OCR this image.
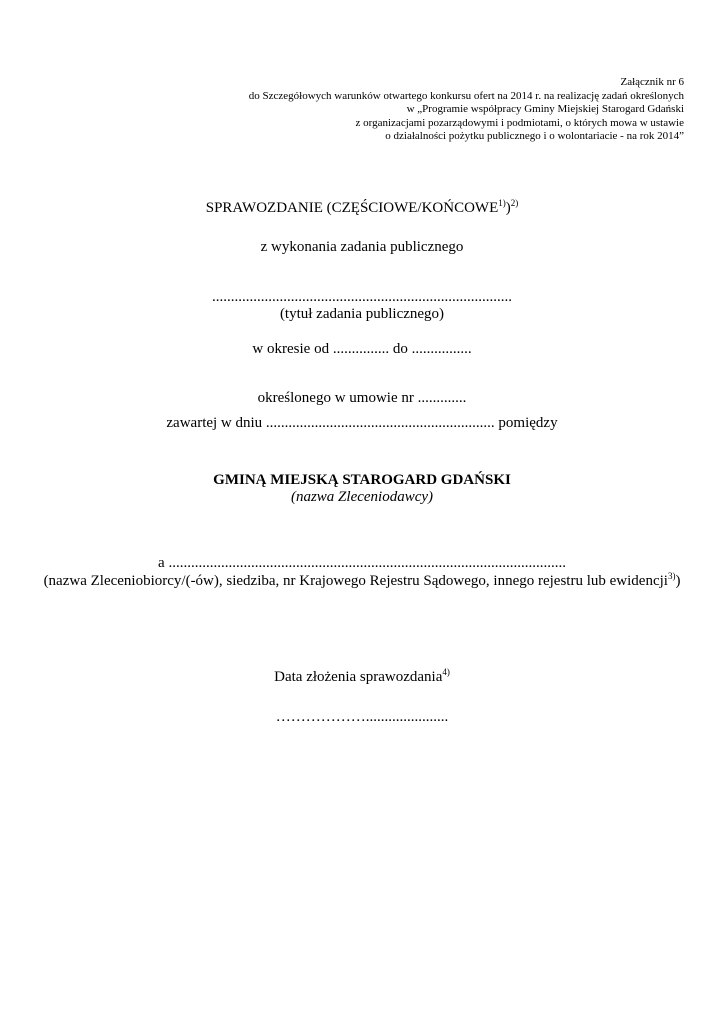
Załącznik nr 6
do Szczegółowych warunków otwartego konkursu ofert na 2014 r. na realizację zadań określonych
w „Programie współpracy Gminy Miejskiej Starogard Gdański
z organizacjami pozarządowymi i podmiotami, o których mowa w ustawie
o działalności pożytku publicznego i o wolontariacie - na rok 2014”
SPRAWOZDANIE (CZĘŚCIOWE/KOŃCOWE$^{1)}$)$^{2)}$
z wykonania zadania publicznego
................................................................................
(tytuł zadania publicznego)
w okresie od ............... do ................
określonego w umowie nr .............
zawartej w dniu ............................................................. pomiędzy
GMINĄ MIEJSKĄ STAROGARD GDAŃSKI
(nazwa Zleceniodawcy)
a ..........................................................................................................
(nazwa Zleceniobiorcy/(-ów), siedziba, nr Krajowego Rejestru Sądowego, innego rejestru lub ewidencji$^{3)}$)
Data złożenia sprawozdania$^{4)}$
………………......................
